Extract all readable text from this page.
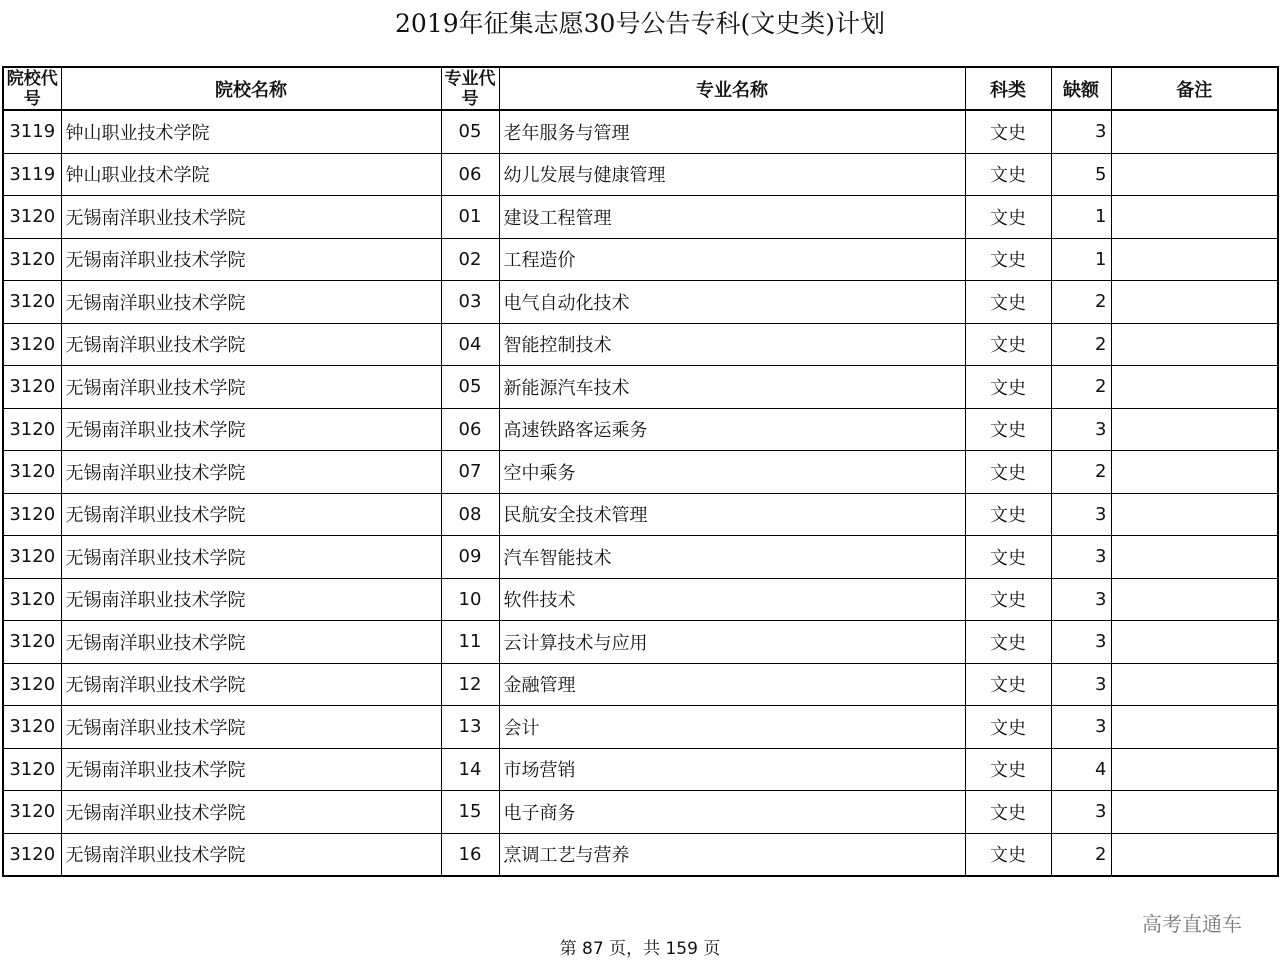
2019年征集志愿30号公告专科(文史类)计划
院校代号	院校名称	专业代号	专业名称	科类	缺额	备注
3119	钟山职业技术学院	05	老年服务与管理	文史	3	
3119	钟山职业技术学院	06	幼儿发展与健康管理	文史	5	
3120	无锡南洋职业技术学院	01	建设工程管理	文史	1	
3120	无锡南洋职业技术学院	02	工程造价	文史	1	
3120	无锡南洋职业技术学院	03	电气自动化技术	文史	2	
3120	无锡南洋职业技术学院	04	智能控制技术	文史	2	
3120	无锡南洋职业技术学院	05	新能源汽车技术	文史	2	
3120	无锡南洋职业技术学院	06	高速铁路客运乘务	文史	3	
3120	无锡南洋职业技术学院	07	空中乘务	文史	2	
3120	无锡南洋职业技术学院	08	民航安全技术管理	文史	3	
3120	无锡南洋职业技术学院	09	汽车智能技术	文史	3	
3120	无锡南洋职业技术学院	10	软件技术	文史	3	
3120	无锡南洋职业技术学院	11	云计算技术与应用	文史	3	
3120	无锡南洋职业技术学院	12	金融管理	文史	3	
3120	无锡南洋职业技术学院	13	会计	文史	3	
3120	无锡南洋职业技术学院	14	市场营销	文史	4	
3120	无锡南洋职业技术学院	15	电子商务	文史	3	
3120	无锡南洋职业技术学院	16	烹调工艺与营养	文史	2	
高考直通车
第 87 页，共 159 页
